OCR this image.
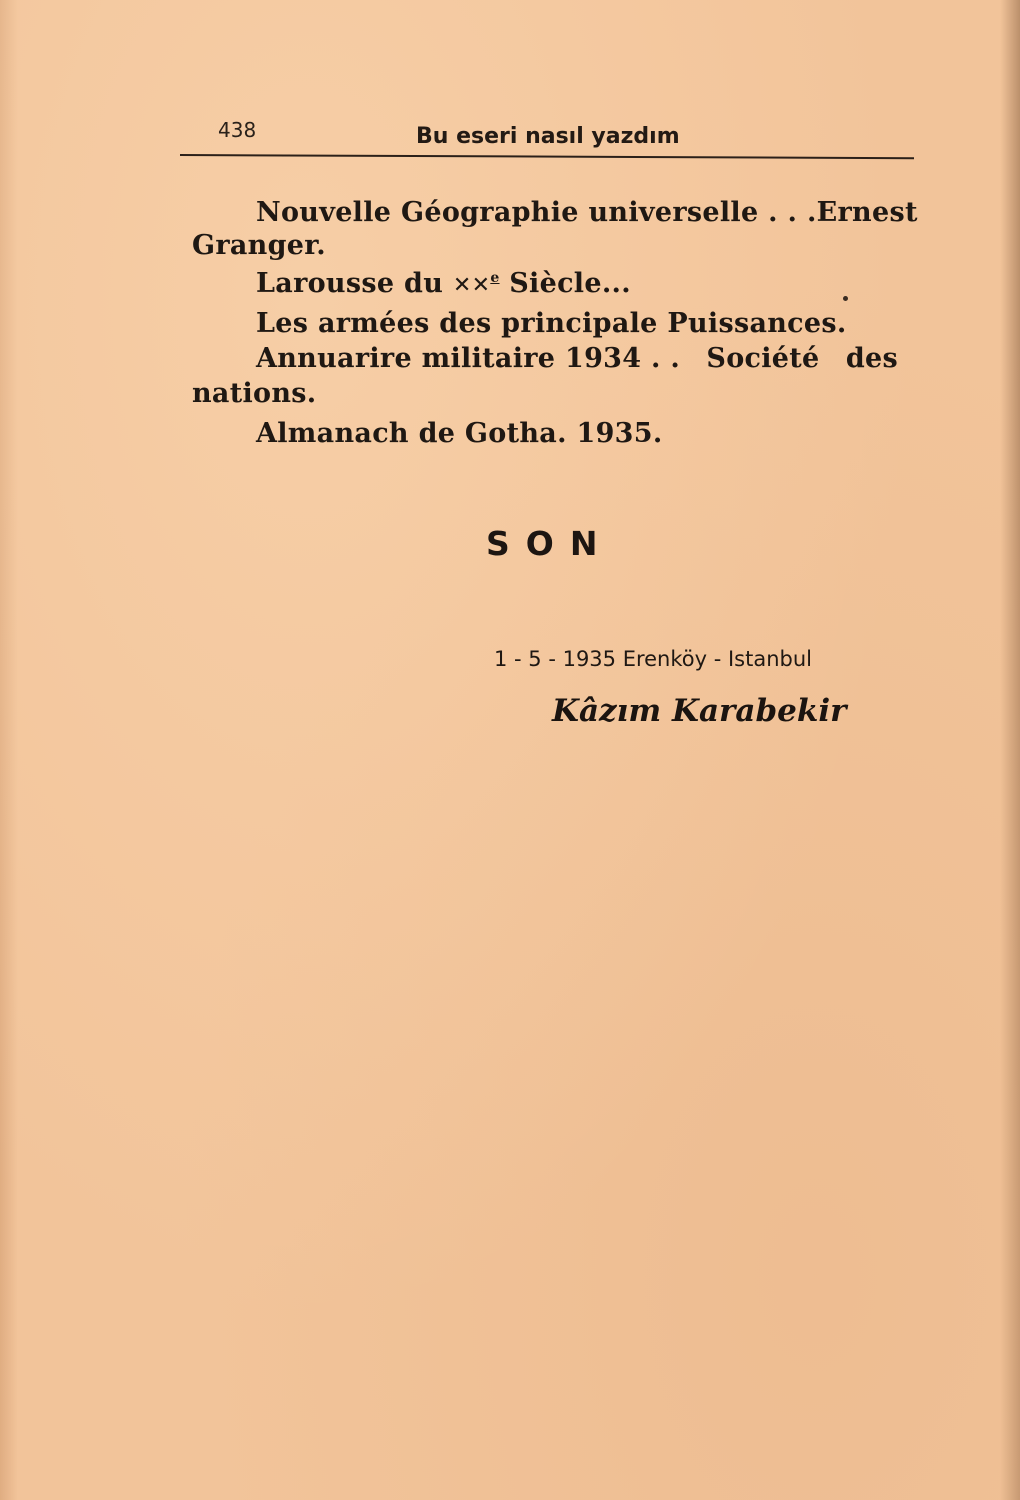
438	Bu eseri nasıl yazdım
Nouvelle Géographie universelle . . . Ernest
Granger.
Larousse du ✕✕$^e$ Siècle...
Les armées des principale Puissances.
Annuarire militaire 1934 . . Société des
nations.
Almanach de Gotha. 1935.
SON
1 - 5 - 1935 Erenköy - Istanbul
Kâzım Karabekir
